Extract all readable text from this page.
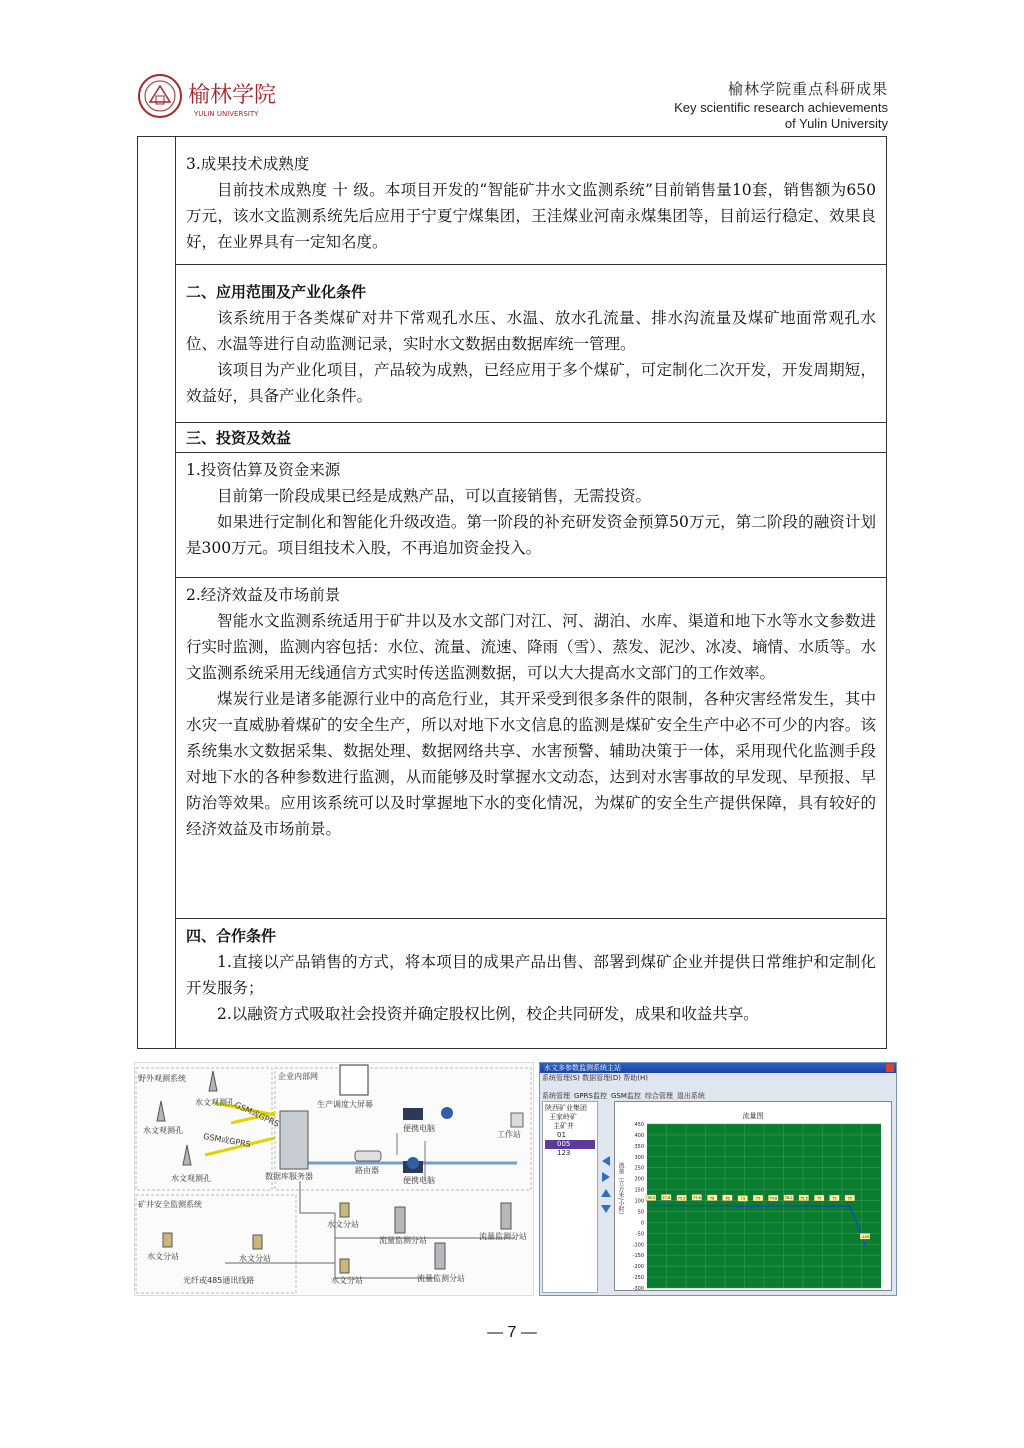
榆林学院
YULIN UNIVERSITY
榆林学院重点科研成果
Key scientific research achievements
of Yulin University

3.成果技术成熟度

目前技术成熟度 十 级。本项目开发的“智能矿井水文监测系统”目前销售量10套，销售额为650万元，该水文监测系统先后应用于宁夏宁煤集团，王洼煤业河南永煤集团等，目前运行稳定、效果良好，在业界具有一定知名度。

二、应用范围及产业化条件

该系统用于各类煤矿对井下常观孔水压、水温、放水孔流量、排水沟流量及煤矿地面常观孔水位、水温等进行自动监测记录，实时水文数据由数据库统一管理。

该项目为产业化项目，产品较为成熟，已经应用于多个煤矿，可定制化二次开发，开发周期短，效益好，具备产业化条件。

三、投资及效益

1.投资估算及资金来源

目前第一阶段成果已经是成熟产品，可以直接销售，无需投资。

如果进行定制化和智能化升级改造。第一阶段的补充研发资金预算50万元，第二阶段的融资计划是300万元。项目组技术入股，不再追加资金投入。

2.经济效益及市场前景

智能水文监测系统适用于矿井以及水文部门对江、河、湖泊、水库、渠道和地下水等水文参数进行实时监测，监测内容包括：水位、流量、流速、降雨（雪）、蒸发、泥沙、冰凌、墒情、水质等。水文监测系统采用无线通信方式实时传送监测数据，可以大大提高水文部门的工作效率。

煤炭行业是诸多能源行业中的高危行业，其开采受到很多条件的限制，各种灾害经常发生，其中水灾一直威胁着煤矿的安全生产，所以对地下水文信息的监测是煤矿安全生产中必不可少的内容。该系统集水文数据采集、数据处理、数据网络共享、水害预警、辅助决策于一体，采用现代化监测手段对地下水的各种参数进行监测，从而能够及时掌握水文动态，达到对水害事故的早发现、早预报、早防治等效果。应用该系统可以及时掌握地下水的变化情况，为煤矿的安全生产提供保障，具有较好的经济效益及市场前景。

四、合作条件

1.直接以产品销售的方式，将本项目的成果产品出售、部署到煤矿企业并提供日常维护和定制化开发服务；

2.以融资方式吸取社会投资并确定股权比例，校企共同研发，成果和收益共享。

野外观测系统	企业内部网
水文观测孔
水文观测孔
水文观测孔
GSM或GPRS
GSM或GPRS
生产调度大屏幕
便携电脑
便携电脑
工作站
路由器
数据库服务器
矿井安全监测系统
水文分站
流量监测分站	流量监测分站
水文分站	水文分站
流量监测分站
水文分站
光纤或485通讯线路
水文多参数监测系统主站
系统管理(S) 数据管理(D) 帮助(H)
系统管理 GPRS监控 GSM监控 综合管理 退出系统
陕西矿业集团
王家岭矿
主矿井
01
005
123
流量图
流量（立方米/小时）
450
400
350
300
250
200
150
100
50
0
-50
-100
-150
-200
-250
-300
76.4 77.8 75.2 77.6	76	76	73	75	74.8 76.2 75.5	75	75	75
-100
— 7 —
